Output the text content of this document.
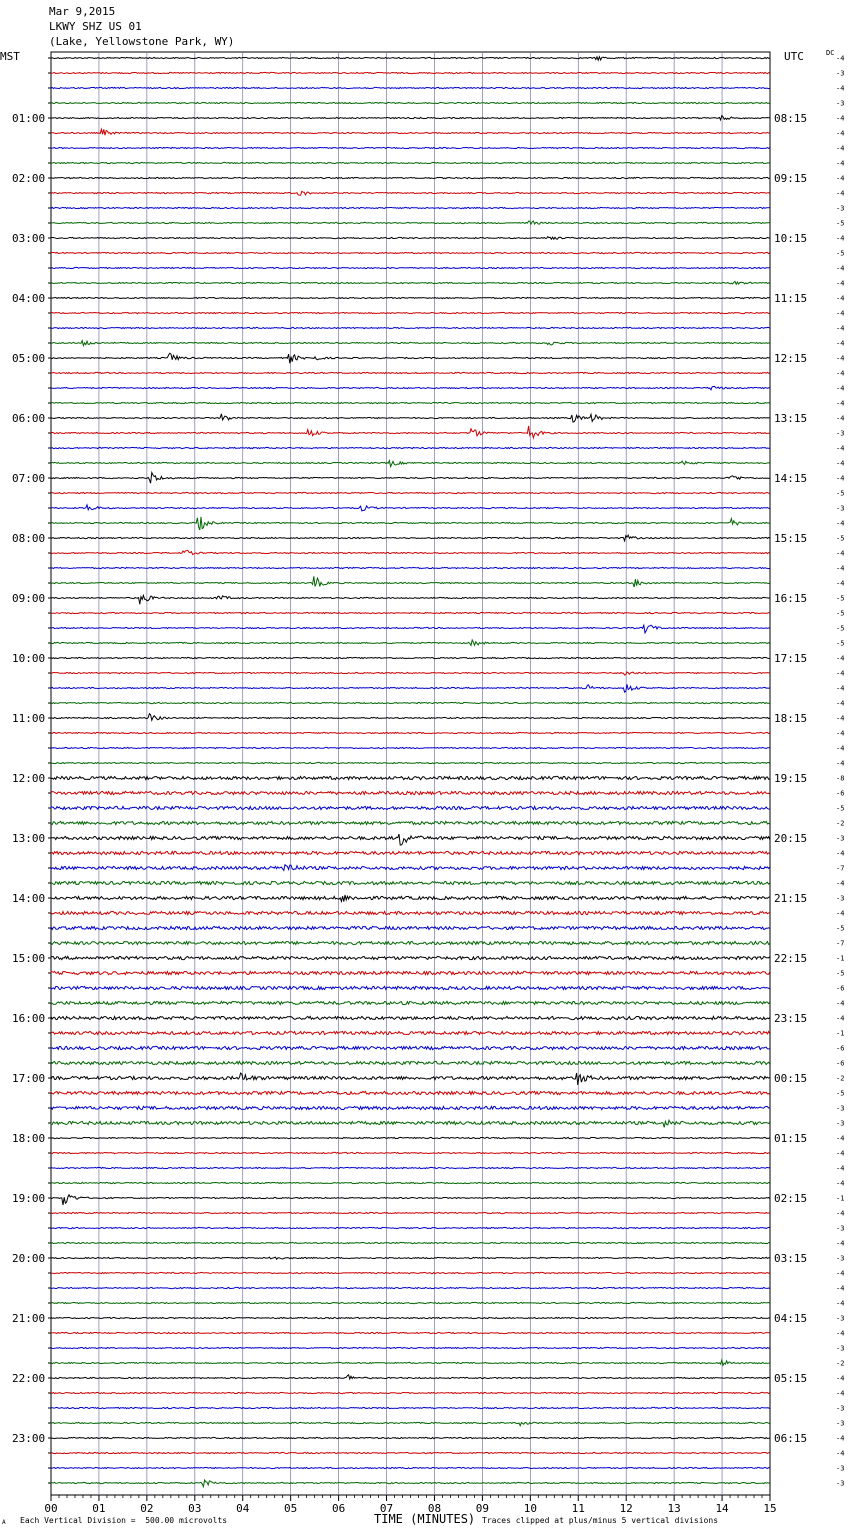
Mar 9,2015
LKWY SHZ US 01
(Lake, Yellowstone Park, WY)
MST	UTC	DC
-4
-3
-4
-3
-4
-4
-4
-4
-4
-4
-3
-5
-4
-5
-4
-4
-4
-4
-4
-4
-4
-4
-4
-4
-4
-3
-4
-4
-4
-5
-3
-4
-5
-4
-4
-4
-5
-5
-5
-5
-4
-4
-4
-4
-4
-4
-4
-4
-8
-6
-5
-2
-3
-4
-7
-4
-3
-4
-5
-7
-1
-5
-6
-4
-4
-1
-6
-6
-2
-5
-3
-3
-4
-4
-4
-4
-1
-4
-3
-4
-3
-4
-4
-4
-3
-4
-3
-2
-4
-4
-3
-3
-4
-4
-3
-3
01:00
02:00
03:00
04:00
05:00
06:00
07:00
08:00
09:00
10:00
11:00
12:00
13:00
14:00
15:00
16:00
17:00
18:00
19:00
20:00
21:00
22:00
23:00
08:15
09:15
10:15
11:15
12:15
13:15
14:15
15:15
16:15
17:15
18:15
19:15
20:15
21:15
22:15
23:15
00:15
01:15
02:15
03:15
04:15
05:15
06:15
00	01	02	03	04	05	06	07	08	09	10	11	12	13	14	15
A Each Vertical Division =  500.00 microvolts	TIME (MINUTES) Traces clipped at plus/minus 5 vertical divisions
